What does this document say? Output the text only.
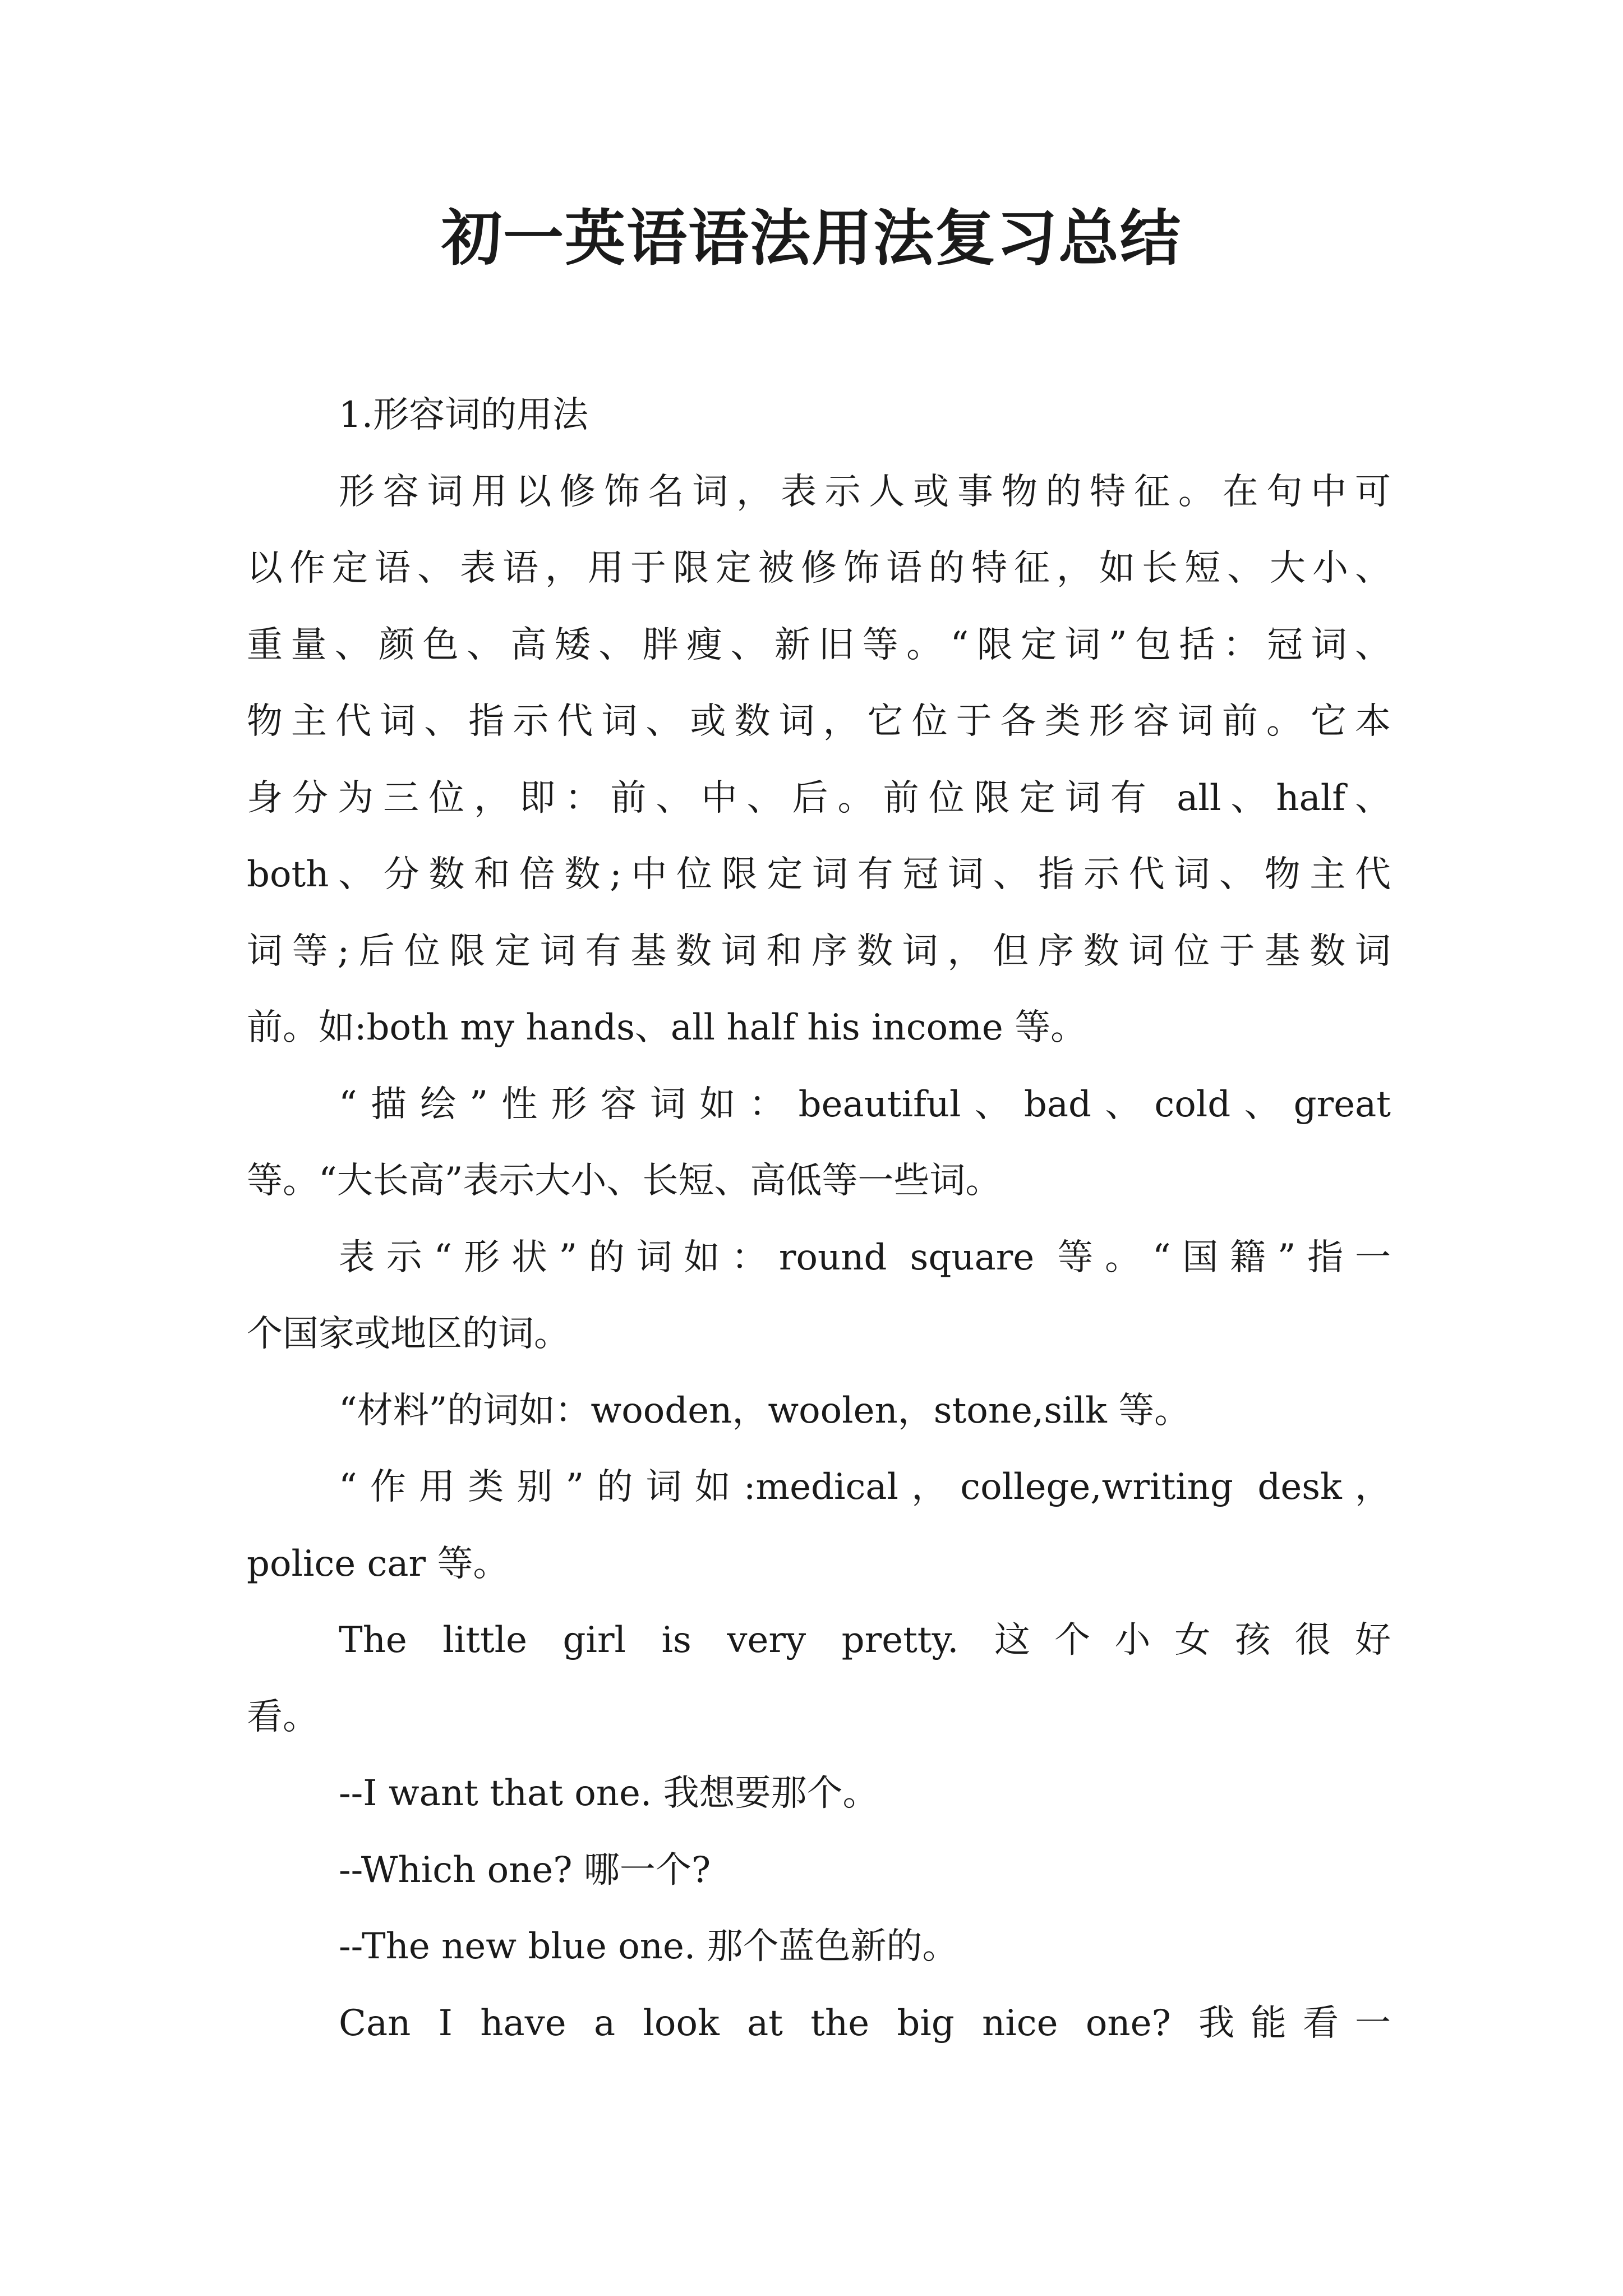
初一英语语法用法复习总结
1.形容词的用法
形容词用以修饰名词，表示人或事物的特征。在句中可
以作定语、表语，用于限定被修饰语的特征，如长短、大小、
重量、颜色、高矮、胖瘦、新旧等。“限定词”包括：冠词、
物主代词、指示代词、或数词，它位于各类形容词前。它本
身分为三位，即：前、中、后。前位限定词有 all、half、
both、分数和倍数;中位限定词有冠词、指示代词、物主代
词等;后位限定词有基数词和序数词，但序数词位于基数词
前。如:both my hands、all half his income 等。
“描绘”性形容词如：beautiful、bad、cold、great
等。“大长高”表示大小、长短、高低等一些词。
表示“形状”的词如：round square 等。“国籍”指一
个国家或地区的词。
“材料”的词如：wooden，woolen，stone,silk 等。
“作用类别”的词如:medical，college,writing desk，
police car 等。
The little girl is very pretty. 这个小女孩很好
看。
--I want that one. 我想要那个。
--Which one? 哪一个?
--The new blue one. 那个蓝色新的。
Can I have a look at the big nice one? 我能看一
